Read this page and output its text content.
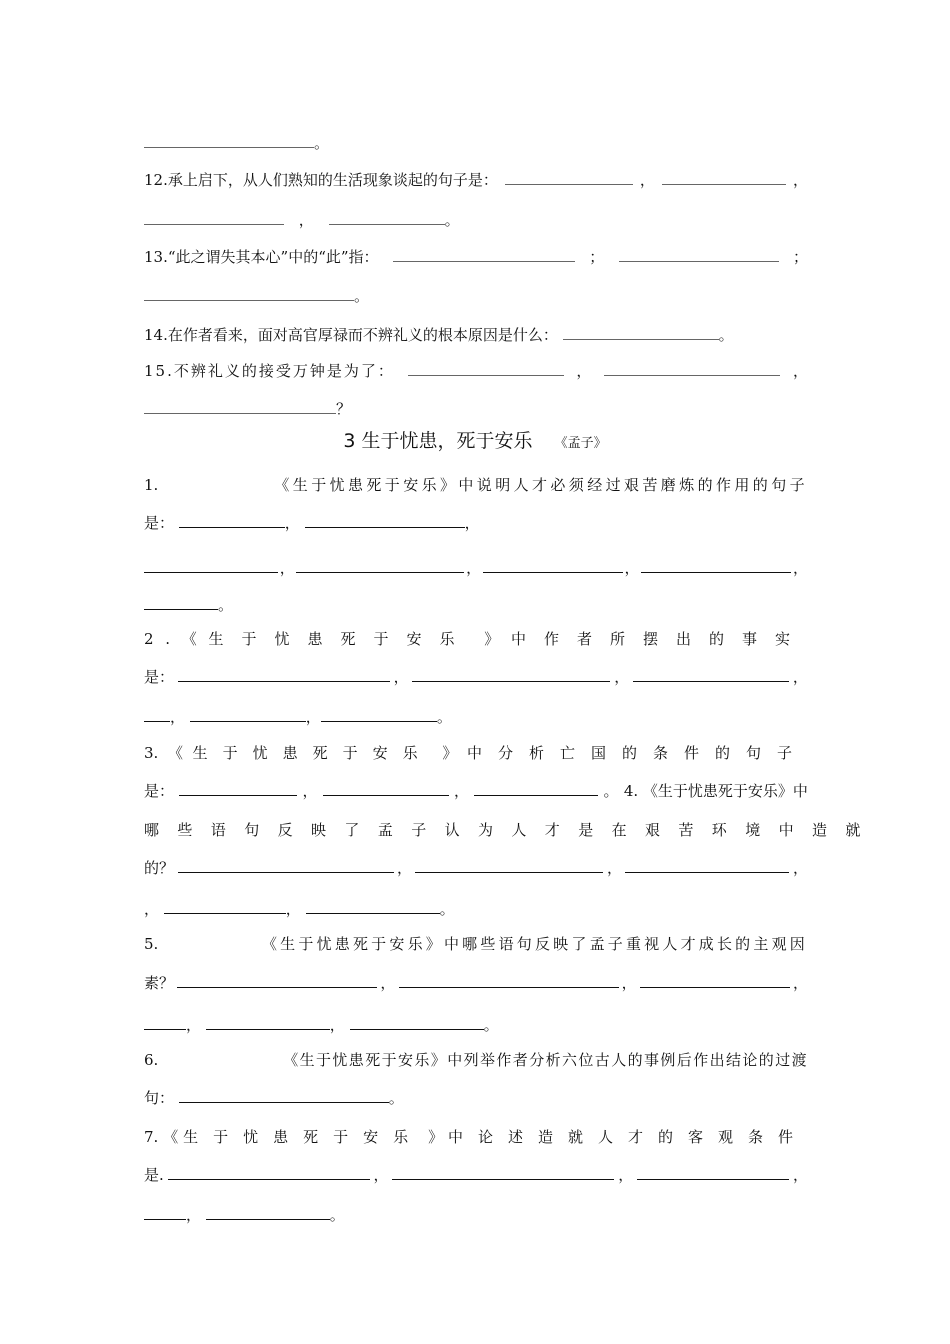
。
12.承上启下，从人们熟知的生活现象谈起的句子是：	，	，
，	。
13.“此之谓失其本心”中的“此”指：	；	；
。
14.在作者看来，面对高官厚禄而不辨礼义的根本原因是什么：	。
15.不辨礼义的接受万钟是为了：	，	，
？
3 生于忧患，死于安乐 《孟子》
1.	《生于忧患死于安乐》中说明人才必须经过艰苦磨炼的作用的句子
是：	，	，
，	，	，	，
。
2 . 《 生于忧患死于安乐 》 中作者所摆出的事实
是：	，	，	，
，	，	。
3. 《 生于忧患死于安乐 》 中分析亡国的条件的句子
是：	，	，	。 4. 《生于忧患死于安乐》中
哪些语句反映了孟子认为人才是在艰苦环境中造就
的？	，	，	，
，	，	。
5.	《生于忧患死于安乐》中哪些语句反映了孟子重视人才成长的主观因
素？	，	，	，
，	，	。
6.	《生于忧患死于安乐》中列举作者分析六位古人的事例后作出结论的过渡
句：	。
7. 《 生于忧患死于安乐 》 中论述造就人才的客观条件
是.	，	，	，
，	。
